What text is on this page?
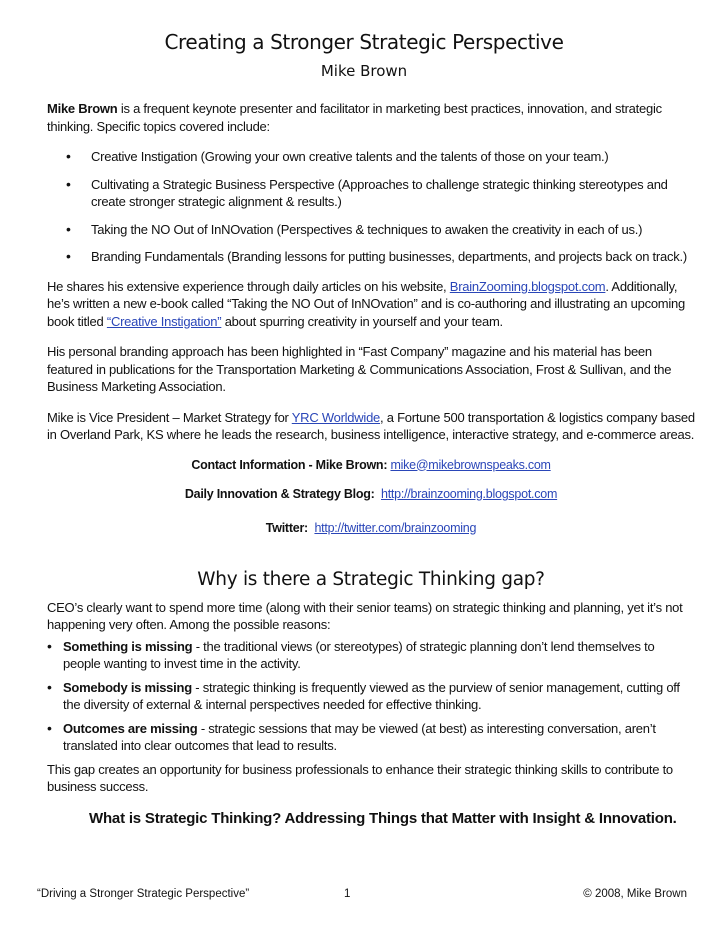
Creating a Stronger Strategic Perspective
Mike Brown

Mike Brown is a frequent keynote presenter and facilitator in marketing best practices, innovation, and strategic thinking. Specific topics covered include:

• Creative Instigation (Growing your own creative talents and the talents of those on your team.)
• Cultivating a Strategic Business Perspective (Approaches to challenge strategic thinking stereotypes and create stronger strategic alignment & results.)
• Taking the NO Out of InNOvation (Perspectives & techniques to awaken the creativity in each of us.)
• Branding Fundamentals (Branding lessons for putting businesses, departments, and projects back on track.)

He shares his extensive experience through daily articles on his website, BrainZooming.blogspot.com. Additionally, he’s written a new e-book called “Taking the NO Out of InNOvation” and is co-authoring and illustrating an upcoming book titled “Creative Instigation” about spurring creativity in yourself and your team.

His personal branding approach has been highlighted in “Fast Company” magazine and his material has been featured in publications for the Transportation Marketing & Communications Association, Frost & Sullivan, and the Business Marketing Association.

Mike is Vice President – Market Strategy for YRC Worldwide, a Fortune 500 transportation & logistics company based in Overland Park, KS where he leads the research, business intelligence, interactive strategy, and e-commerce areas.

Contact Information - Mike Brown: mike@mikebrownspeaks.com
Daily Innovation & Strategy Blog: http://brainzooming.blogspot.com
Twitter: http://twitter.com/brainzooming
Why is there a Strategic Thinking gap?

CEO’s clearly want to spend more time (along with their senior teams) on strategic thinking and planning, yet it’s not happening very often. Among the possible reasons:

• Something is missing - the traditional views (or stereotypes) of strategic planning don’t lend themselves to people wanting to invest time in the activity.
• Somebody is missing - strategic thinking is frequently viewed as the purview of senior management, cutting off the diversity of external & internal perspectives needed for effective thinking.
• Outcomes are missing - strategic sessions that may be viewed (at best) as interesting conversation, aren’t translated into clear outcomes that lead to results.

This gap creates an opportunity for business professionals to enhance their strategic thinking skills to contribute to business success.

What is Strategic Thinking? Addressing Things that Matter with Insight & Innovation.
“Driving a Stronger Strategic Perspective”	1	© 2008, Mike Brown
